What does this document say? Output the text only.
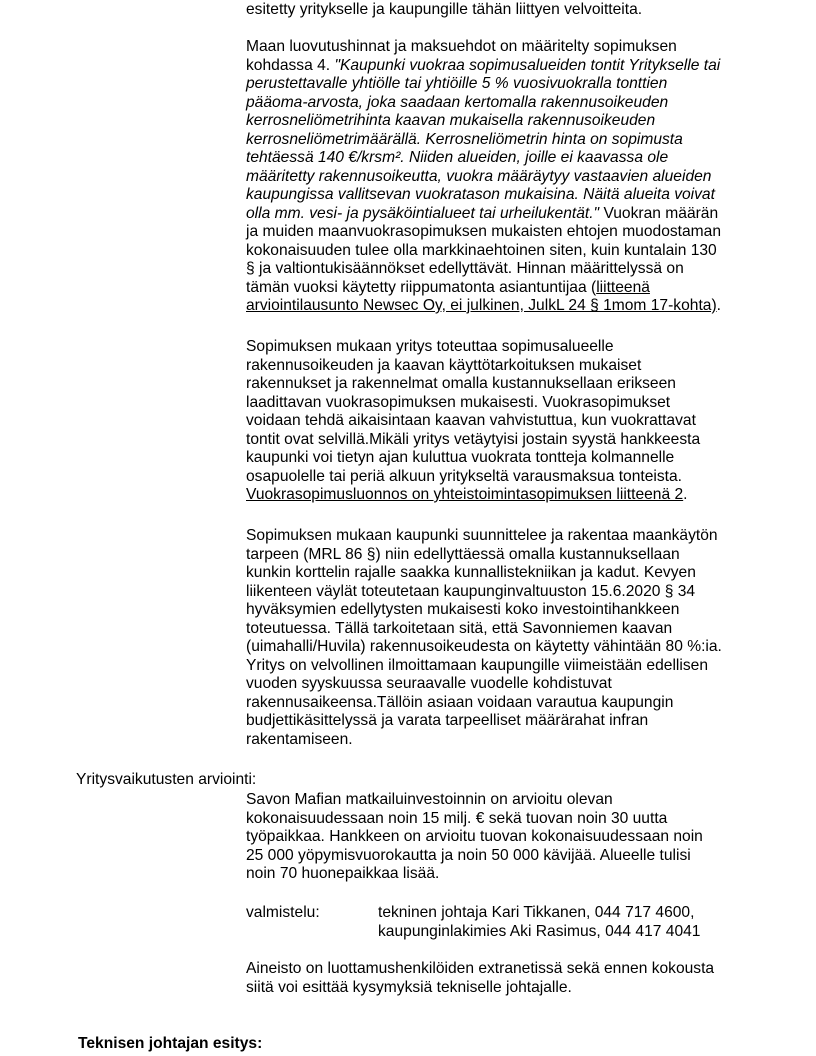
esitetty yritykselle ja kaupungille tähän liittyen velvoitteita.
Maan luovutushinnat ja maksuehdot on määritelty sopimuksen
kohdassa 4. "Kaupunki vuokraa sopimusalueiden tontit Yritykselle tai
perustettavalle yhtiölle tai yhtiöille 5 % vuosivuokralla tonttien
pääoma-arvosta, joka saadaan kertomalla rakennusoikeuden
kerrosneliömetrihinta kaavan mukaisella rakennusoikeuden
kerrosneliömetrimäärällä. Kerrosneliömetrin hinta on sopimusta
tehtäessä 140 €/krsm². Niiden alueiden, joille ei kaavassa ole
määritetty rakennusoikeutta, vuokra määräytyy vastaavien alueiden
kaupungissa vallitsevan vuokratason mukaisina. Näitä alueita voivat
olla mm. vesi- ja pysäköintialueet tai urheilukentät." Vuokran määrän
ja muiden maanvuokrasopimuksen mukaisten ehtojen muodostaman
kokonaisuuden tulee olla markkinaehtoinen siten, kuin kuntalain 130
§ ja valtiontukisäännökset edellyttävät. Hinnan määrittelyssä on
tämän vuoksi käytetty riippumatonta asiantuntijaa (liitteenä
arviointilausunto Newsec Oy, ei julkinen, JulkL 24 § 1mom 17-kohta).
Sopimuksen mukaan yritys toteuttaa sopimusalueelle
rakennusoikeuden ja kaavan käyttötarkoituksen mukaiset
rakennukset ja rakennelmat omalla kustannuksellaan erikseen
laadittavan vuokrasopimuksen mukaisesti. Vuokrasopimukset
voidaan tehdä aikaisintaan kaavan vahvistuttua, kun vuokrattavat
tontit ovat selvillä.Mikäli yritys vetäytyisi jostain syystä hankkeesta
kaupunki voi tietyn ajan kuluttua vuokrata tontteja kolmannelle
osapuolelle tai periä alkuun yritykseltä varausmaksua tonteista.
Vuokrasopimusluonnos on yhteistoimintasopimuksen liitteenä 2.
Sopimuksen mukaan kaupunki suunnittelee ja rakentaa maankäytön
tarpeen (MRL 86 §) niin edellyttäessä omalla kustannuksellaan
kunkin korttelin rajalle saakka kunnallistekniikan ja kadut. Kevyen
liikenteen väylät toteutetaan kaupunginvaltuuston 15.6.2020 § 34
hyväksymien edellytysten mukaisesti koko investointihankkeen
toteutuessa. Tällä tarkoitetaan sitä, että Savonniemen kaavan
(uimahalli/Huvila) rakennusoikeudesta on käytetty vähintään 80 %:ia.
Yritys on velvollinen ilmoittamaan kaupungille viimeistään edellisen
vuoden syyskuussa seuraavalle vuodelle kohdistuvat
rakennusaikeensa.Tällöin asiaan voidaan varautua kaupungin
budjettikäsittelyssä ja varata tarpeelliset määrärahat infran
rakentamiseen.
Yritysvaikutusten arviointi:
Savon Mafian matkailuinvestoinnin on arvioitu olevan
kokonaisuudessaan noin 15 milj. € sekä tuovan noin 30 uutta
työpaikkaa. Hankkeen on arvioitu tuovan kokonaisuudessaan noin
25 000 yöpymisvuorokautta ja noin 50 000 kävijää. Alueelle tulisi
noin 70 huonepaikkaa lisää.
valmistelu:	tekninen johtaja Kari Tikkanen, 044 717 4600,
kaupunginlakimies Aki Rasimus, 044 417 4041
Aineisto on luottamushenkilöiden extranetissä sekä ennen kokousta
siitä voi esittää kysymyksiä tekniselle johtajalle.
Teknisen johtajan esitys:
